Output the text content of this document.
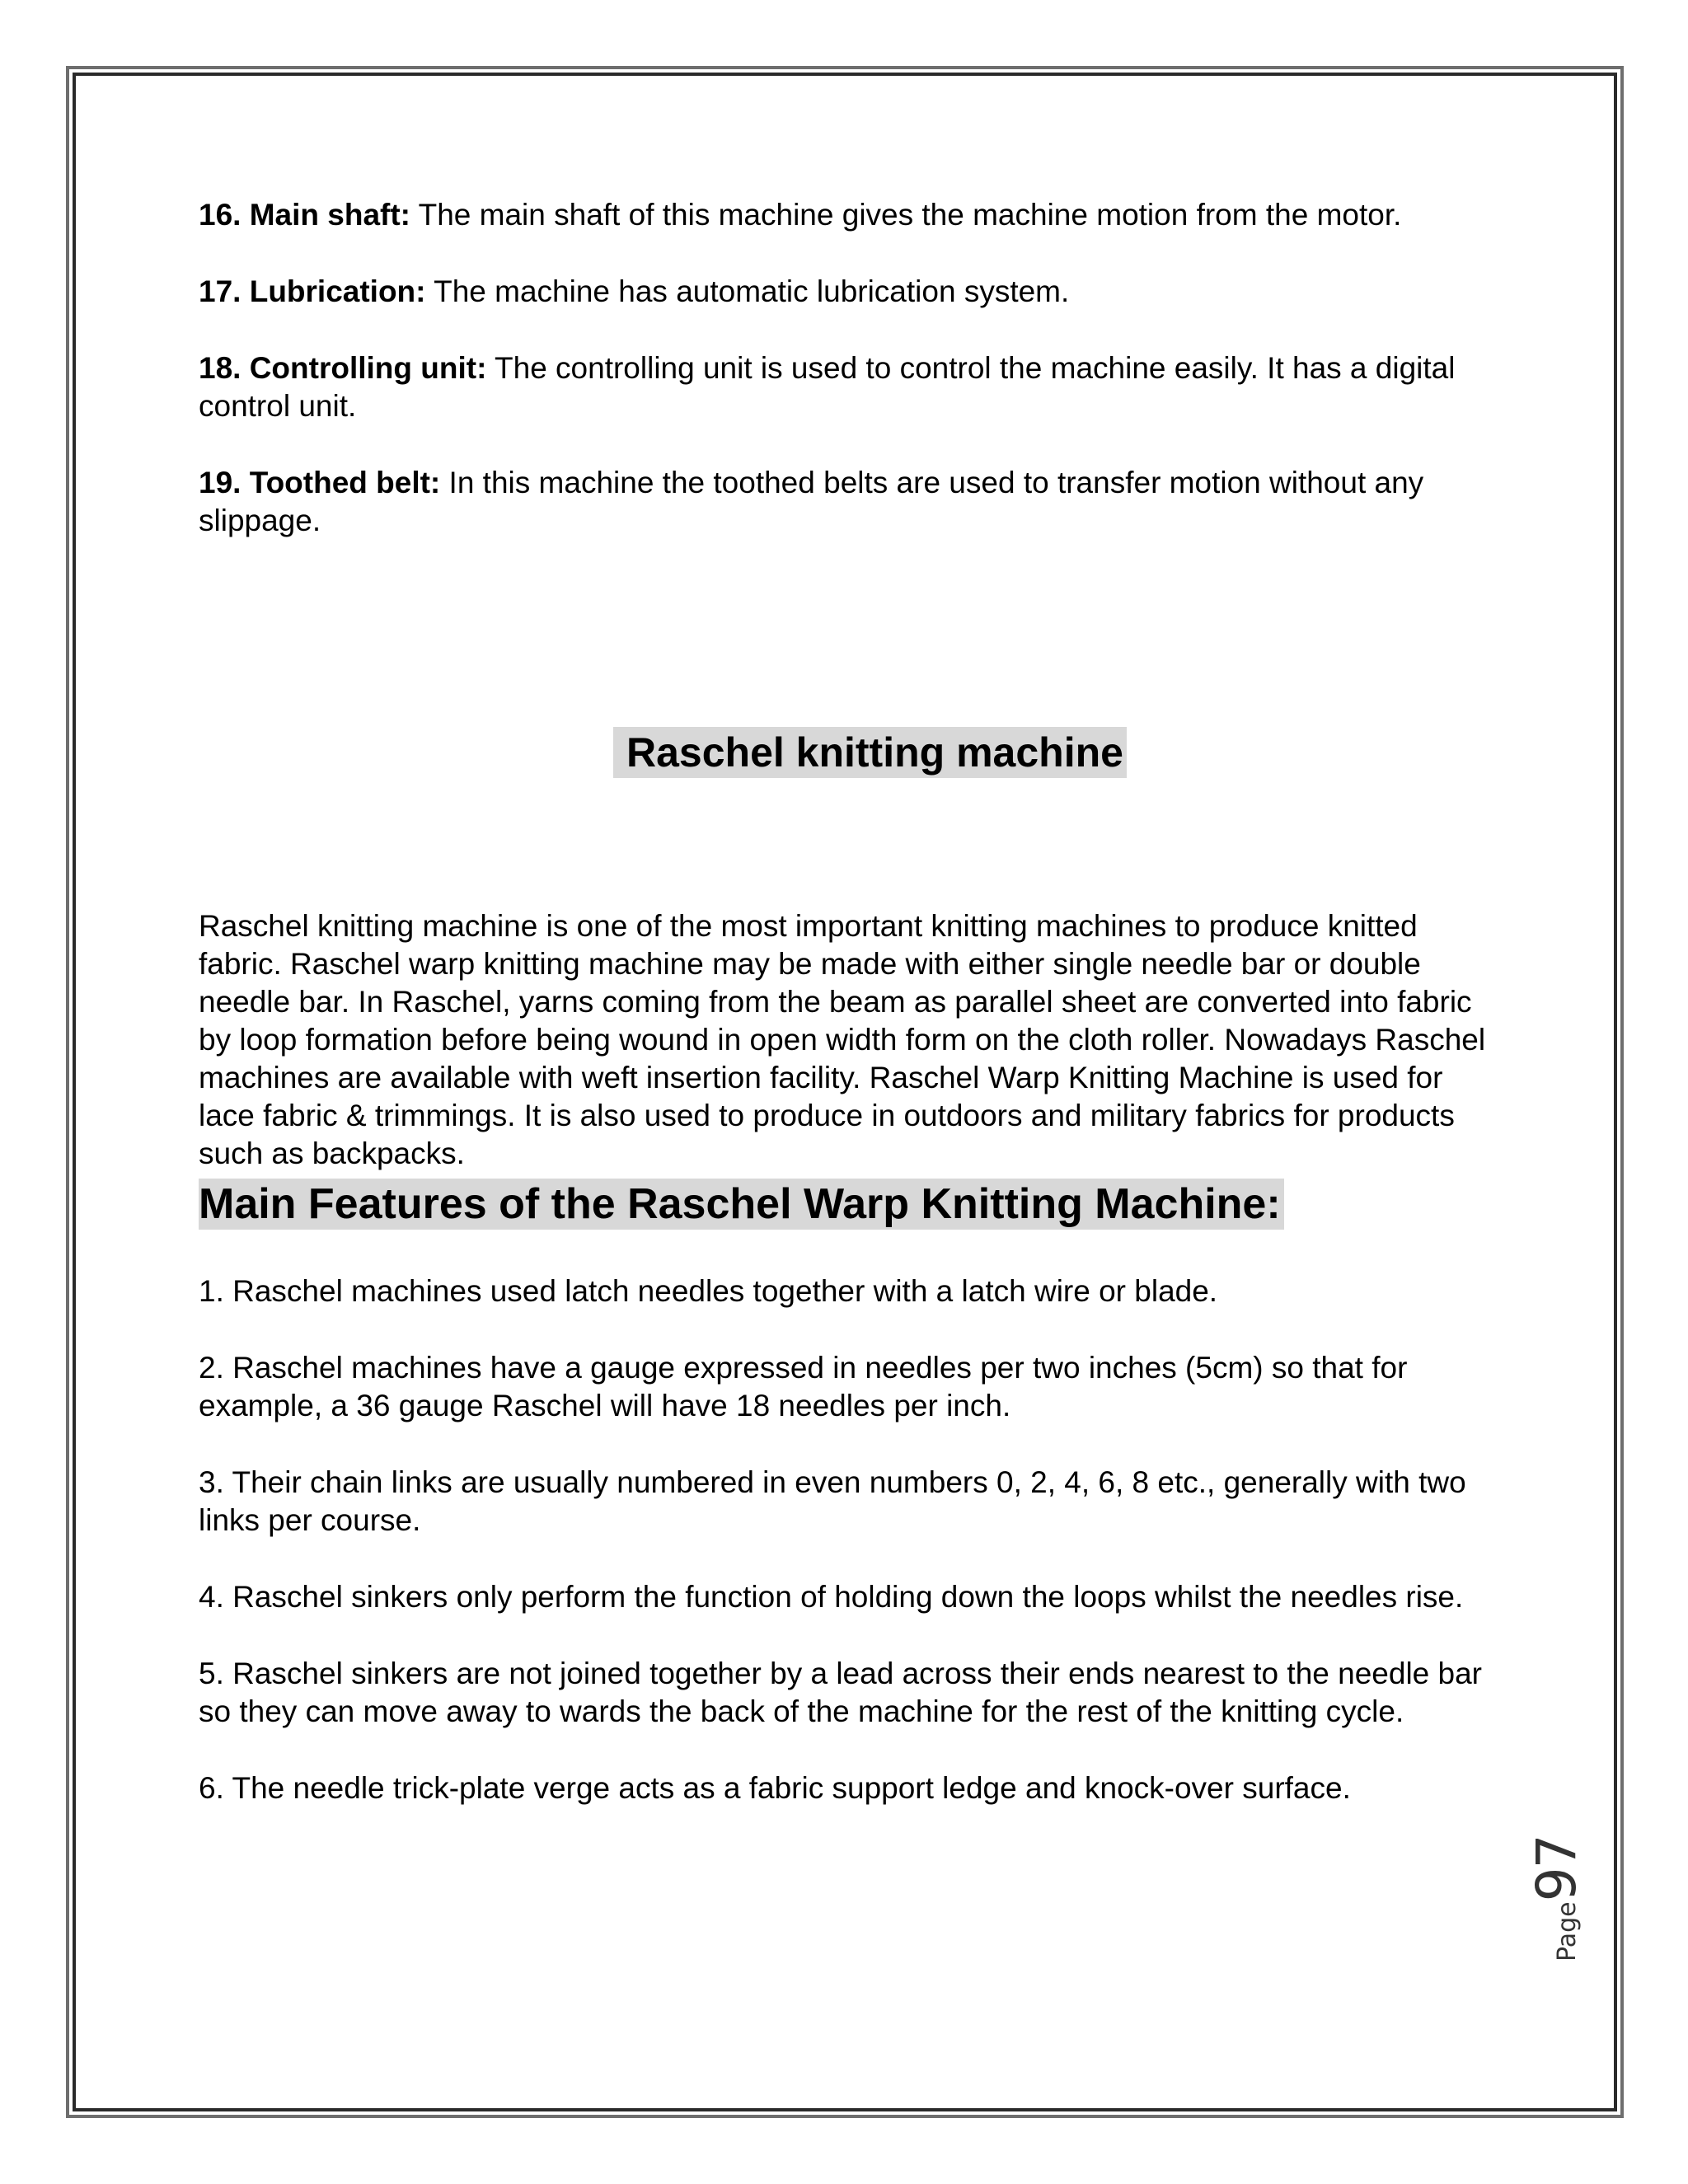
16. Main shaft: The main shaft of this machine gives the machine motion from the motor.

17. Lubrication: The machine has automatic lubrication system.

18. Controlling unit: The controlling unit is used to control the machine easily. It has a digital control unit.

19. Toothed belt: In this machine the toothed belts are used to transfer motion without any slippage.

Raschel knitting machine

Raschel knitting machine is one of the most important knitting machines to produce knitted fabric. Raschel warp knitting machine may be made with either single needle bar or double needle bar. In Raschel, yarns coming from the beam as parallel sheet are converted into fabric by loop formation before being wound in open width form on the cloth roller. Nowadays Raschel machines are available with weft insertion facility. Raschel Warp Knitting Machine is used for lace fabric & trimmings. It is also used to produce in outdoors and military fabrics for products such as backpacks.

Main Features of the Raschel Warp Knitting Machine:

1. Raschel machines used latch needles together with a latch wire or blade.

2. Raschel machines have a gauge expressed in needles per two inches (5cm) so that for example, a 36 gauge Raschel will have 18 needles per inch.

3. Their chain links are usually numbered in even numbers 0, 2, 4, 6, 8 etc., generally with two links per course.

4. Raschel sinkers only perform the function of holding down the loops whilst the needles rise.

5. Raschel sinkers are not joined together by a lead across their ends nearest to the needle bar so they can move away to wards the back of the machine for the rest of the knitting cycle.

6. The needle trick-plate verge acts as a fabric support ledge and knock-over surface.

Page97
